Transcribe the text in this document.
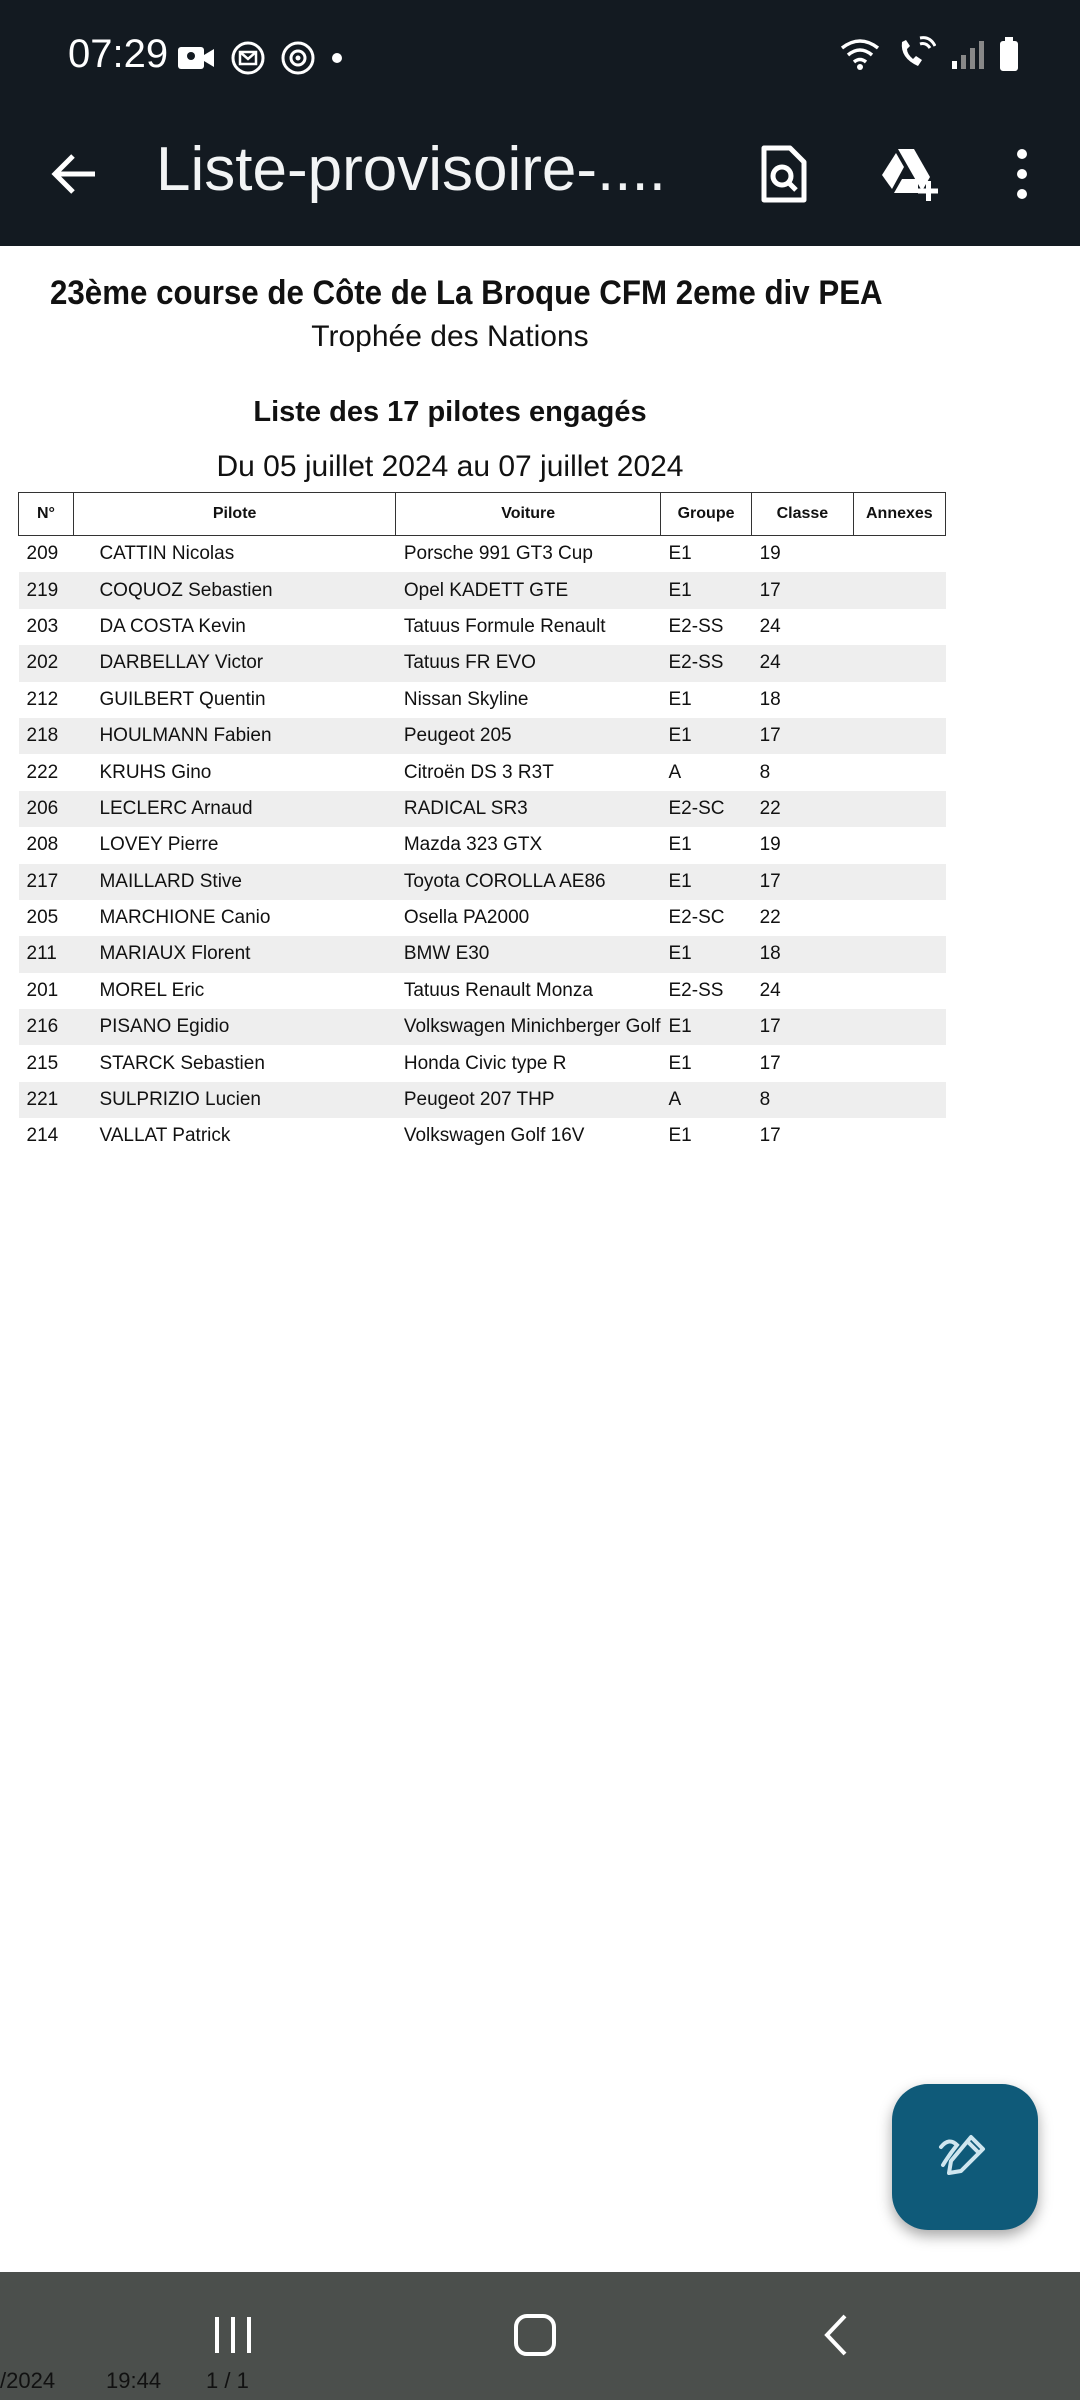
07:29
Liste-provisoire-....
23ème course de Côte de La Broque CFM 2eme div PEA
Trophée des Nations
Liste des 17 pilotes engagés
Du 05 juillet 2024 au 07 juillet 2024
N°	Pilote	Voiture	Groupe	Classe	Annexes
209	CATTIN Nicolas	Porsche 991 GT3 Cup	E1	19	
219	COQUOZ Sebastien	Opel KADETT GTE	E1	17	
203	DA COSTA Kevin	Tatuus Formule Renault	E2-SS	24	
202	DARBELLAY Victor	Tatuus FR EVO	E2-SS	24	
212	GUILBERT Quentin	Nissan Skyline	E1	18	
218	HOULMANN Fabien	Peugeot 205	E1	17	
222	KRUHS Gino	Citroën DS 3 R3T	A	8	
206	LECLERC Arnaud	RADICAL SR3	E2-SC	22	
208	LOVEY Pierre	Mazda 323 GTX	E1	19	
217	MAILLARD Stive	Toyota COROLLA AE86	E1	17	
205	MARCHIONE Canio	Osella PA2000	E2-SC	22	
211	MARIAUX Florent	BMW E30	E1	18	
201	MOREL Eric	Tatuus Renault Monza	E2-SS	24	
216	PISANO Egidio	Volkswagen Minichberger Golf	E1	17	
215	STARCK Sebastien	Honda Civic type R	E1	17	
221	SULPRIZIO Lucien	Peugeot 207 THP	A	8	
214	VALLAT Patrick	Volkswagen Golf 16V	E1	17	
/2024 19:44 1 / 1
